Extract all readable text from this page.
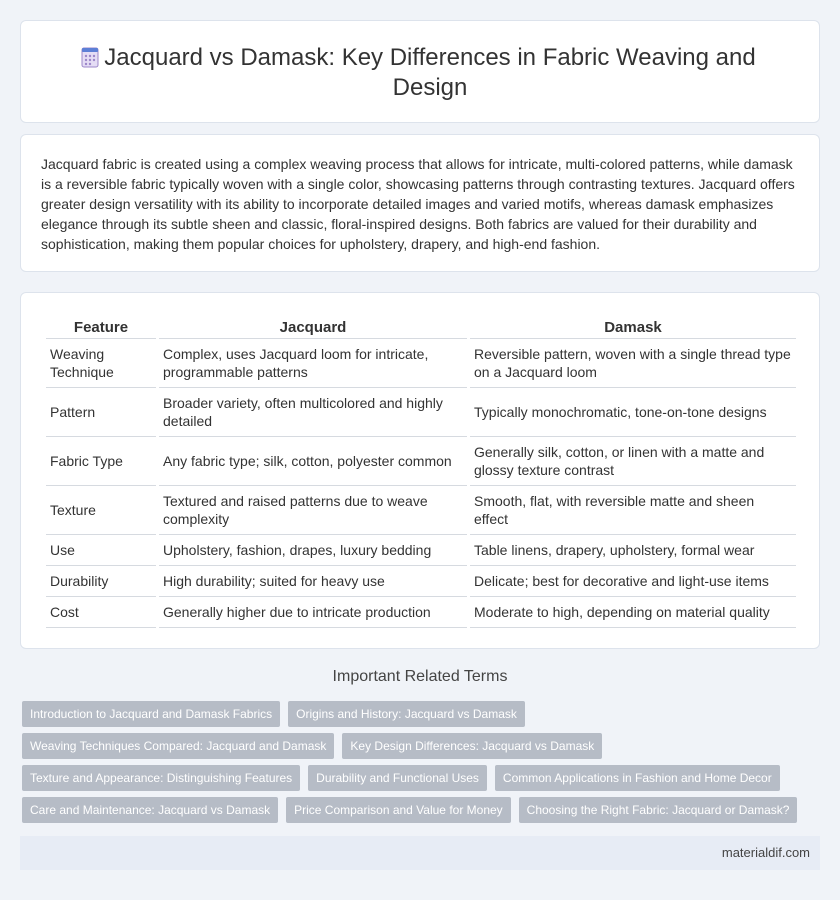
Jacquard vs Damask: Key Differences in Fabric Weaving and Design

Jacquard fabric is created using a complex weaving process that allows for intricate, multi-colored patterns, while damask is a reversible fabric typically woven with a single color, showcasing patterns through contrasting textures. Jacquard offers greater design versatility with its ability to incorporate detailed images and varied motifs, whereas damask emphasizes elegance through its subtle sheen and classic, floral-inspired designs. Both fabrics are valued for their durability and sophistication, making them popular choices for upholstery, drapery, and high-end fashion.

Feature	Jacquard	Damask
Weaving Technique	Complex, uses Jacquard loom for intricate, programmable patterns	Reversible pattern, woven with a single thread type on a Jacquard loom
Pattern	Broader variety, often multicolored and highly detailed	Typically monochromatic, tone-on-tone designs
Fabric Type	Any fabric type; silk, cotton, polyester common	Generally silk, cotton, or linen with a matte and glossy texture contrast
Texture	Textured and raised patterns due to weave complexity	Smooth, flat, with reversible matte and sheen effect
Use	Upholstery, fashion, drapes, luxury bedding	Table linens, drapery, upholstery, formal wear
Durability	High durability; suited for heavy use	Delicate; best for decorative and light-use items
Cost	Generally higher due to intricate production	Moderate to high, depending on material quality
Important Related Terms
Introduction to Jacquard and Damask Fabrics	Origins and History: Jacquard vs Damask
Weaving Techniques Compared: Jacquard and Damask	Key Design Differences: Jacquard vs Damask
Texture and Appearance: Distinguishing Features	Durability and Functional Uses	Common Applications in Fashion and Home Decor
Care and Maintenance: Jacquard vs Damask	Price Comparison and Value for Money	Choosing the Right Fabric: Jacquard or Damask?
materialdif.com
